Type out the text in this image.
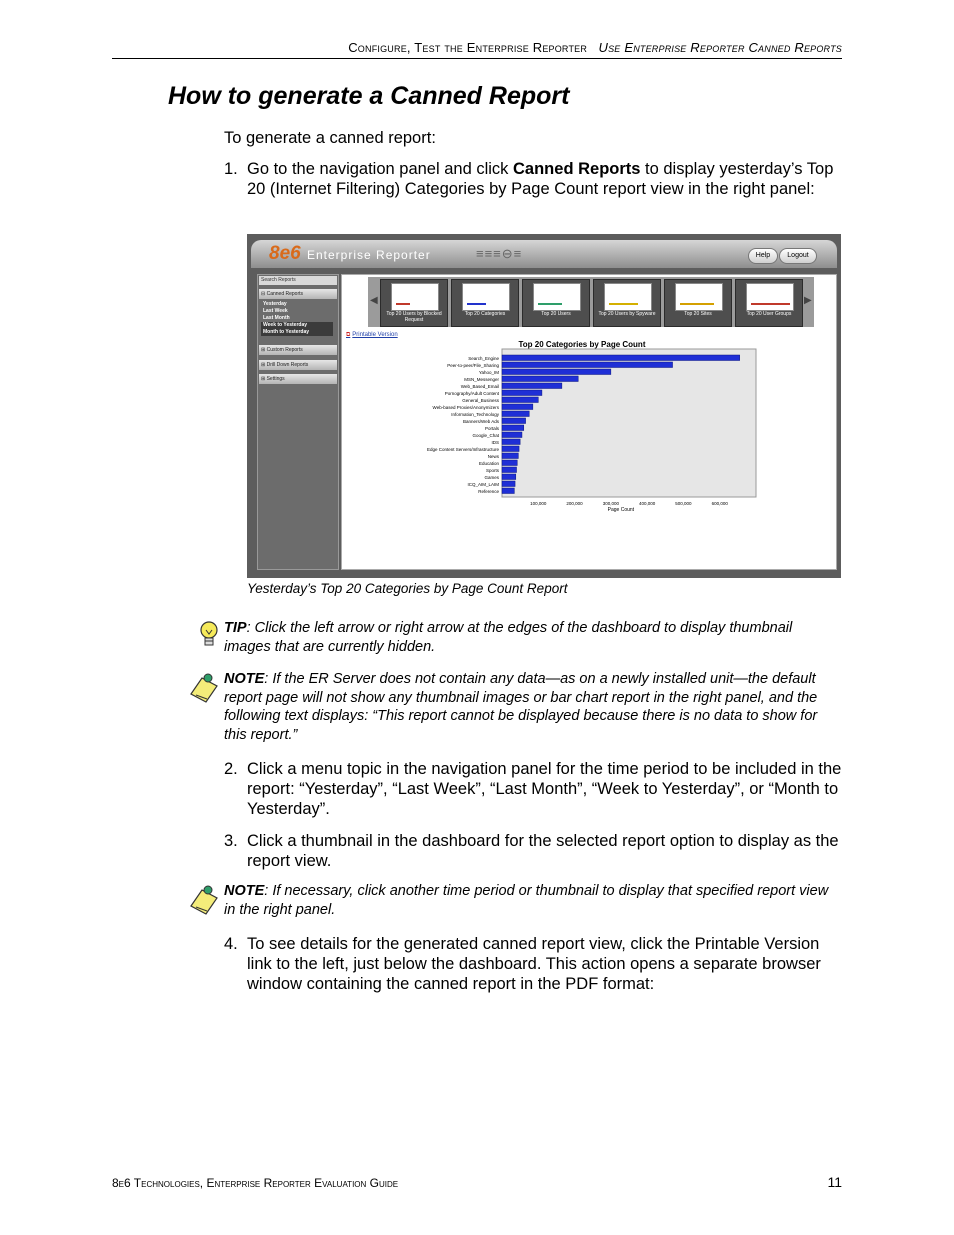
Configure, Test the Enterprise Reporter Use Enterprise Reporter Canned Reports
How to generate a Canned Report
To generate a canned report:
1. Go to the navigation panel and click Canned Reports to display yesterday’s Top 20 (Internet Filtering) Categories by Page Count report view in the right panel:
8e6 Enterprise Reporter	≡≡≡⊖≡	Help	Logout
Search Reports
⊟ Canned Reports
Yesterday
Last Week
Last Month
Week to Yesterday
Month to Yesterday
⊞ Custom Reports
⊞ Drill Down Reports
⊞ Settings
◀	▶
Top 20 Users by Blocked Request
Top 20 Categories	Top 20 Users	Top 20 Users by Spyware	Top 20 Sites	Top 20 User Groups
⧉ Printable Version
Top 20 Categories by Page Count
Search_Engine
Peer-to-peer/File_Sharing
Yahoo_IM
MSN_Messenger
Web_Based_Email
Pornography/Adult Content
General_Business
Web-based Proxies/Anonymizers
Information_Technology
Banners/Web Ads
Portals
Google_Chat
IDS
Edge Content Servers/Infrastructure
News
Education
Sports
Games
ICQ_AIM_LAIM
Reference
100,000	200,000	300,000	400,000	500,000	600,000
Page Count
Yesterday’s Top 20 Categories by Page Count Report
TIP: Click the left arrow or right arrow at the edges of the dashboard to display thumbnail images that are currently hidden.
NOTE: If the ER Server does not contain any data—as on a newly installed unit—the default report page will not show any thumbnail images or bar chart report in the right panel, and the following text displays: “This report cannot be displayed because there is no data to show for this report.”
2. Click a menu topic in the navigation panel for the time period to be included in the report: “Yesterday”, “Last Week”, “Last Month”, “Week to Yesterday”, or “Month to Yesterday”.
3. Click a thumbnail in the dashboard for the selected report option to display as the report view.
NOTE: If necessary, click another time period or thumbnail to display that specified report view in the right panel.
4. To see details for the generated canned report view, click the Printable Version link to the left, just below the dashboard. This action opens a separate browser window containing the canned report in the PDF format:
8e6 Technologies, Enterprise Reporter Evaluation Guide	11
